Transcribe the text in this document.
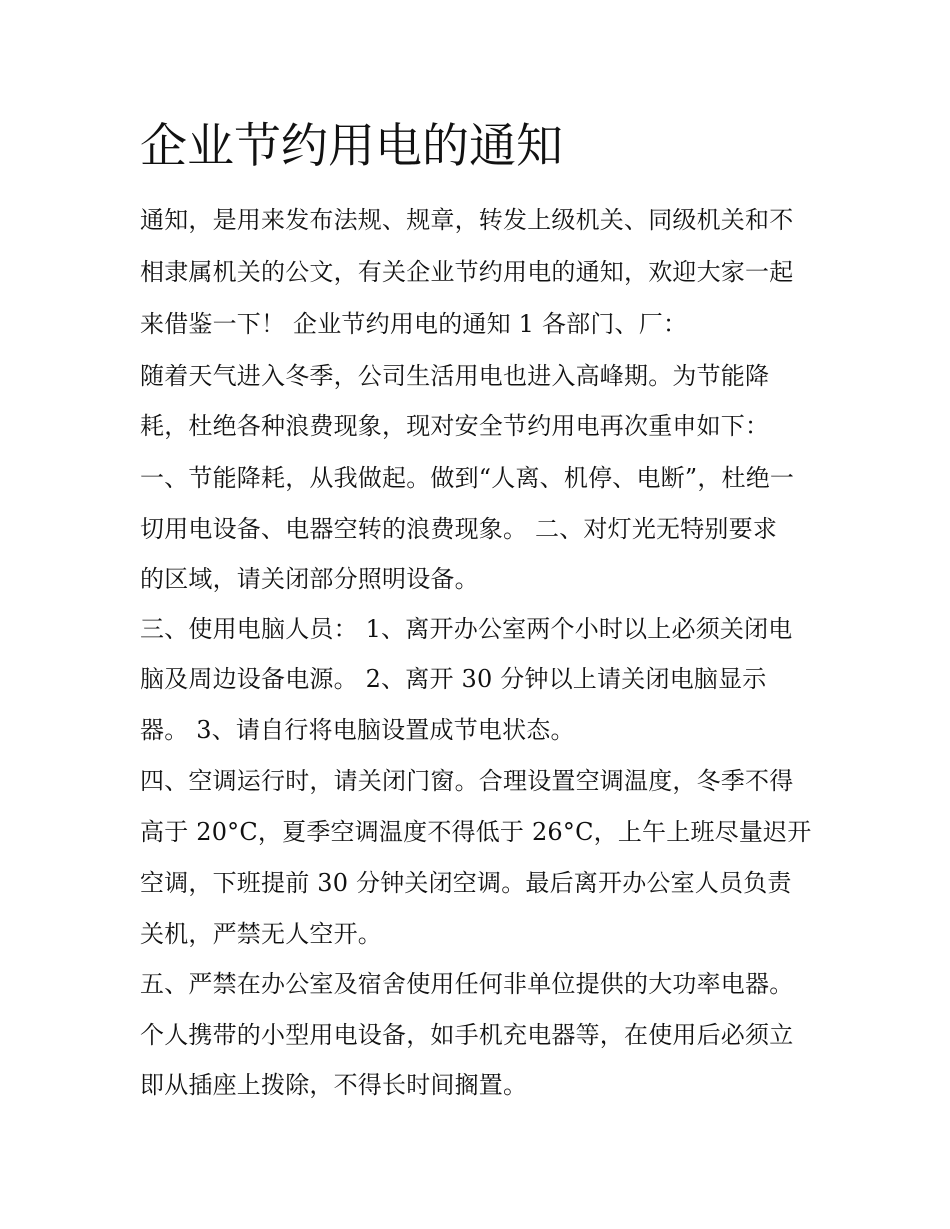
企业节约用电的通知
通知，是用来发布法规、规章，转发上级机关、同级机关和不
相隶属机关的公文，有关企业节约用电的通知，欢迎大家一起
来借鉴一下！ 企业节约用电的通知 1 各部门、厂：
随着天气进入冬季，公司生活用电也进入高峰期。为节能降
耗，杜绝各种浪费现象，现对安全节约用电再次重申如下：
一、节能降耗，从我做起。做到“人离、机停、电断”，杜绝一
切用电设备、电器空转的浪费现象。 二、对灯光无特别要求
的区域，请关闭部分照明设备。
三、使用电脑人员： 1、离开办公室两个小时以上必须关闭电
脑及周边设备电源。 2、离开 30 分钟以上请关闭电脑显示
器。 3、请自行将电脑设置成节电状态。
四、空调运行时，请关闭门窗。合理设置空调温度，冬季不得
高于 20°C，夏季空调温度不得低于 26°C，上午上班尽量迟开
空调，下班提前 30 分钟关闭空调。最后离开办公室人员负责
关机，严禁无人空开。
五、严禁在办公室及宿舍使用任何非单位提供的大功率电器。
个人携带的小型用电设备，如手机充电器等，在使用后必须立
即从插座上拨除，不得长时间搁置。
